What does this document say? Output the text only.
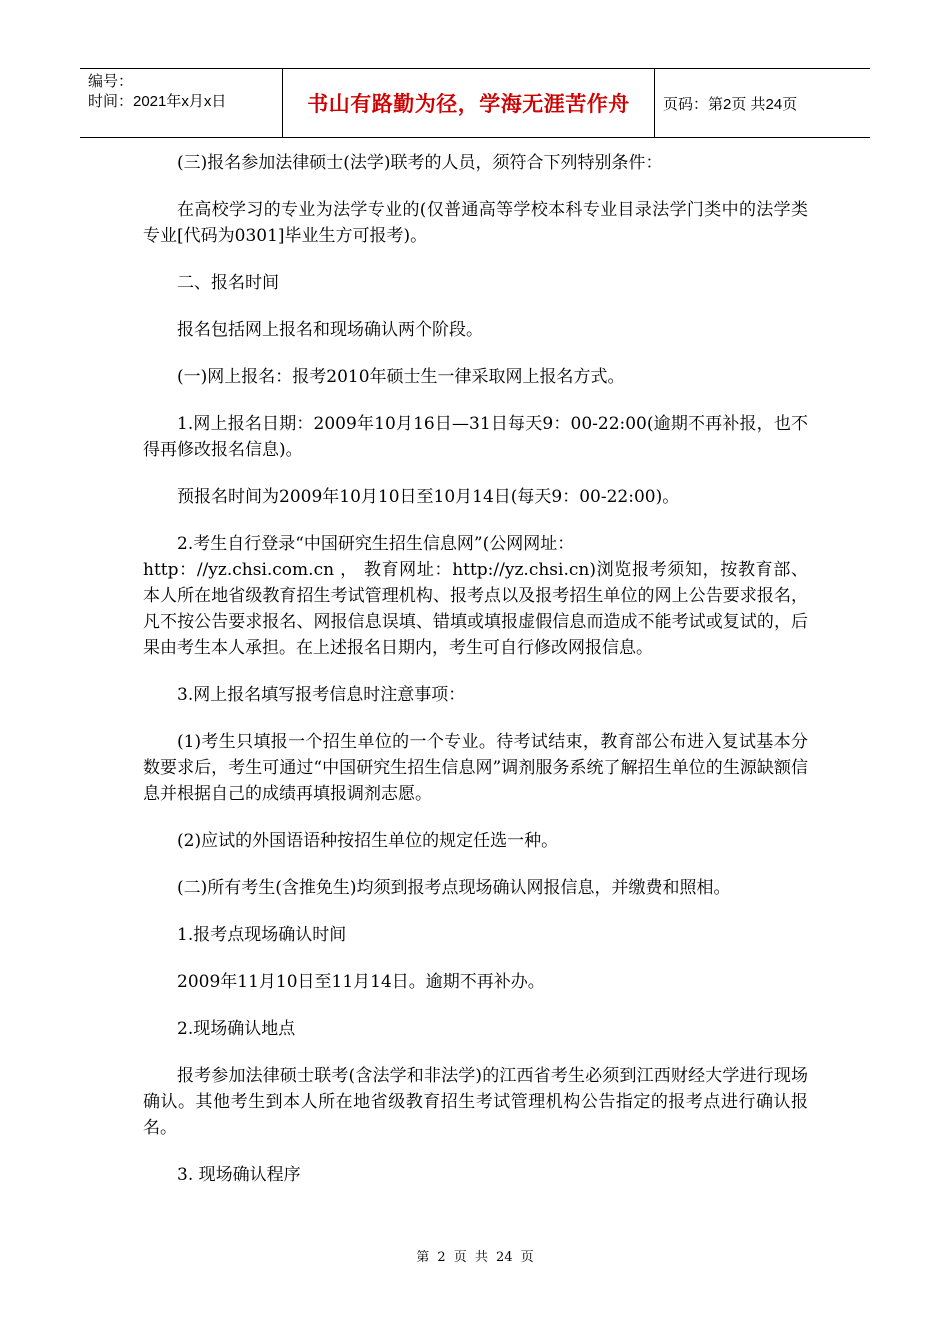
编号：
时间：2021年x月x日	书山有路勤为径，学海无涯苦作舟 页码：第2页 共24页

(三)报名参加法律硕士(法学)联考的人员，须符合下列特别条件：

在高校学习的专业为法学专业的(仅普通高等学校本科专业目录法学门类中的法学类专业[代码为0301]毕业生方可报考)。

二、报名时间

报名包括网上报名和现场确认两个阶段。

(一)网上报名：报考2010年硕士生一律采取网上报名方式。

1.网上报名日期：2009年10月16日—31日每天9：00-22:00(逾期不再补报，也不得再修改报名信息)。

预报名时间为2009年10月10日至10月14日(每天9：00-22:00)。

2.考生自行登录“中国研究生招生信息网”(公网网址：

http：//yz.chsi.com.cn ， 教育网址：http://yz.chsi.cn)浏览报考须知，按教育部、本人所在地省级教育招生考试管理机构、报考点以及报考招生单位的网上公告要求报名，凡不按公告要求报名、网报信息误填、错填或填报虚假信息而造成不能考试或复试的，后果由考生本人承担。在上述报名日期内，考生可自行修改网报信息。

3.网上报名填写报考信息时注意事项：

(1)考生只填报一个招生单位的一个专业。待考试结束，教育部公布进入复试基本分数要求后，考生可通过“中国研究生招生信息网”调剂服务系统了解招生单位的生源缺额信息并根据自己的成绩再填报调剂志愿。

(2)应试的外国语语种按招生单位的规定任选一种。

(二)所有考生(含推免生)均须到报考点现场确认网报信息，并缴费和照相。

1.报考点现场确认时间

2009年11月10日至11月14日。逾期不再补办。

2.现场确认地点

报考参加法律硕士联考(含法学和非法学)的江西省考生必须到江西财经大学进行现场确认。其他考生到本人所在地省级教育招生考试管理机构公告指定的报考点进行确认报名。

3. 现场确认程序

第 2 页 共 24 页
